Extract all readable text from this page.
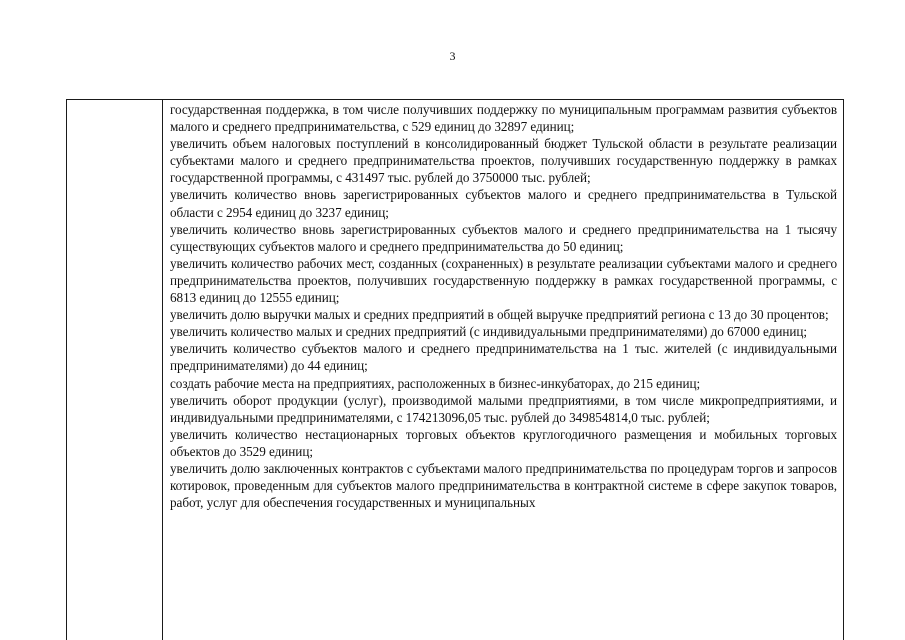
3

государственная поддержка, в том числе получивших поддержку по муниципальным программам развития субъектов малого и среднего предпринимательства, с 529 единиц до 32897 единиц;

увеличить объем налоговых поступлений в консолидированный бюджет Тульской области в результате реализации субъектами малого и среднего предпринимательства проектов, получивших государственную поддержку в рамках государственной программы, с 431497 тыс. рублей до 3750000 тыс. рублей;

увеличить количество вновь зарегистрированных субъектов малого и среднего предпринимательства в Тульской области с 2954 единиц до 3237 единиц;

увеличить количество вновь зарегистрированных субъектов малого и среднего предпринимательства на 1 тысячу существующих субъектов малого и среднего предпринимательства до 50 единиц;

увеличить количество рабочих мест, созданных (сохраненных) в результате реализации субъектами малого и среднего предпринимательства проектов, получивших государственную поддержку в рамках государственной программы, с 6813 единиц до 12555 единиц;

увеличить долю выручки малых и средних предприятий в общей выручке предприятий региона с 13 до 30 процентов;

увеличить количество малых и средних предприятий (с индивидуальными предпринимателями) до 67000 единиц;

увеличить количество субъектов малого и среднего предпринимательства на 1 тыс. жителей (с индивидуальными предпринимателями) до 44 единиц;

создать рабочие места на предприятиях, расположенных в бизнес-инкубаторах, до 215 единиц;

увеличить оборот продукции (услуг), производимой малыми предприятиями, в том числе микропредприятиями, и индивидуальными предпринимателями, с 174213096,05 тыс. рублей до 349854814,0 тыс. рублей;

увеличить количество нестационарных торговых объектов круглогодичного размещения и мобильных торговых объектов до 3529 единиц;

увеличить долю заключенных контрактов с субъектами малого предпринимательства по процедурам торгов и запросов котировок, проведенным для субъектов малого предпринимательства в контрактной системе в сфере закупок товаров, работ, услуг для обеспечения государственных и муниципальных
